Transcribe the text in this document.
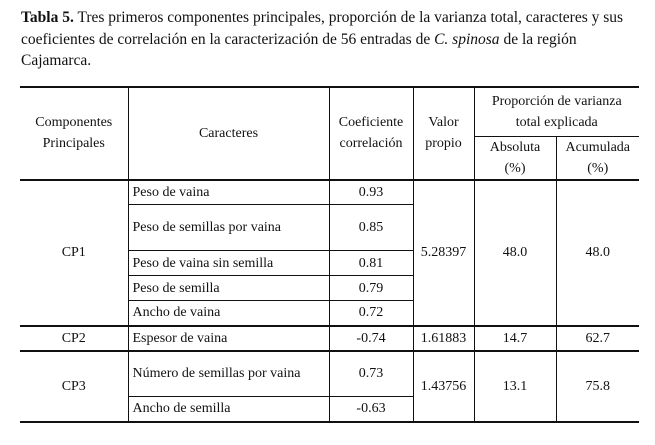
Tabla 5. Tres primeros componentes principales, proporción de la varianza total, caracteres y sus coeficientes de correlación en la caracterización de 56 entradas de C. spinosa de la región Cajamarca.

Componentes Principales	Caracteres	Coeficiente correlación	Valor propio	Proporción de varianza total explicada	
				Absoluta (%)	Acumulada (%)
CP1	Peso de vaina	0.93	5.28397	48.0	48.0
	Peso de semillas por vaina	0.85			
	Peso de vaina sin semilla	0.81			
	Peso de semilla	0.79			
	Ancho de vaina	0.72			
CP2	Espesor de vaina	-0.74	1.61883	14.7	62.7
CP3	Número de semillas por vaina	0.73	1.43756	13.1	75.8
	Ancho de semilla	-0.63			
